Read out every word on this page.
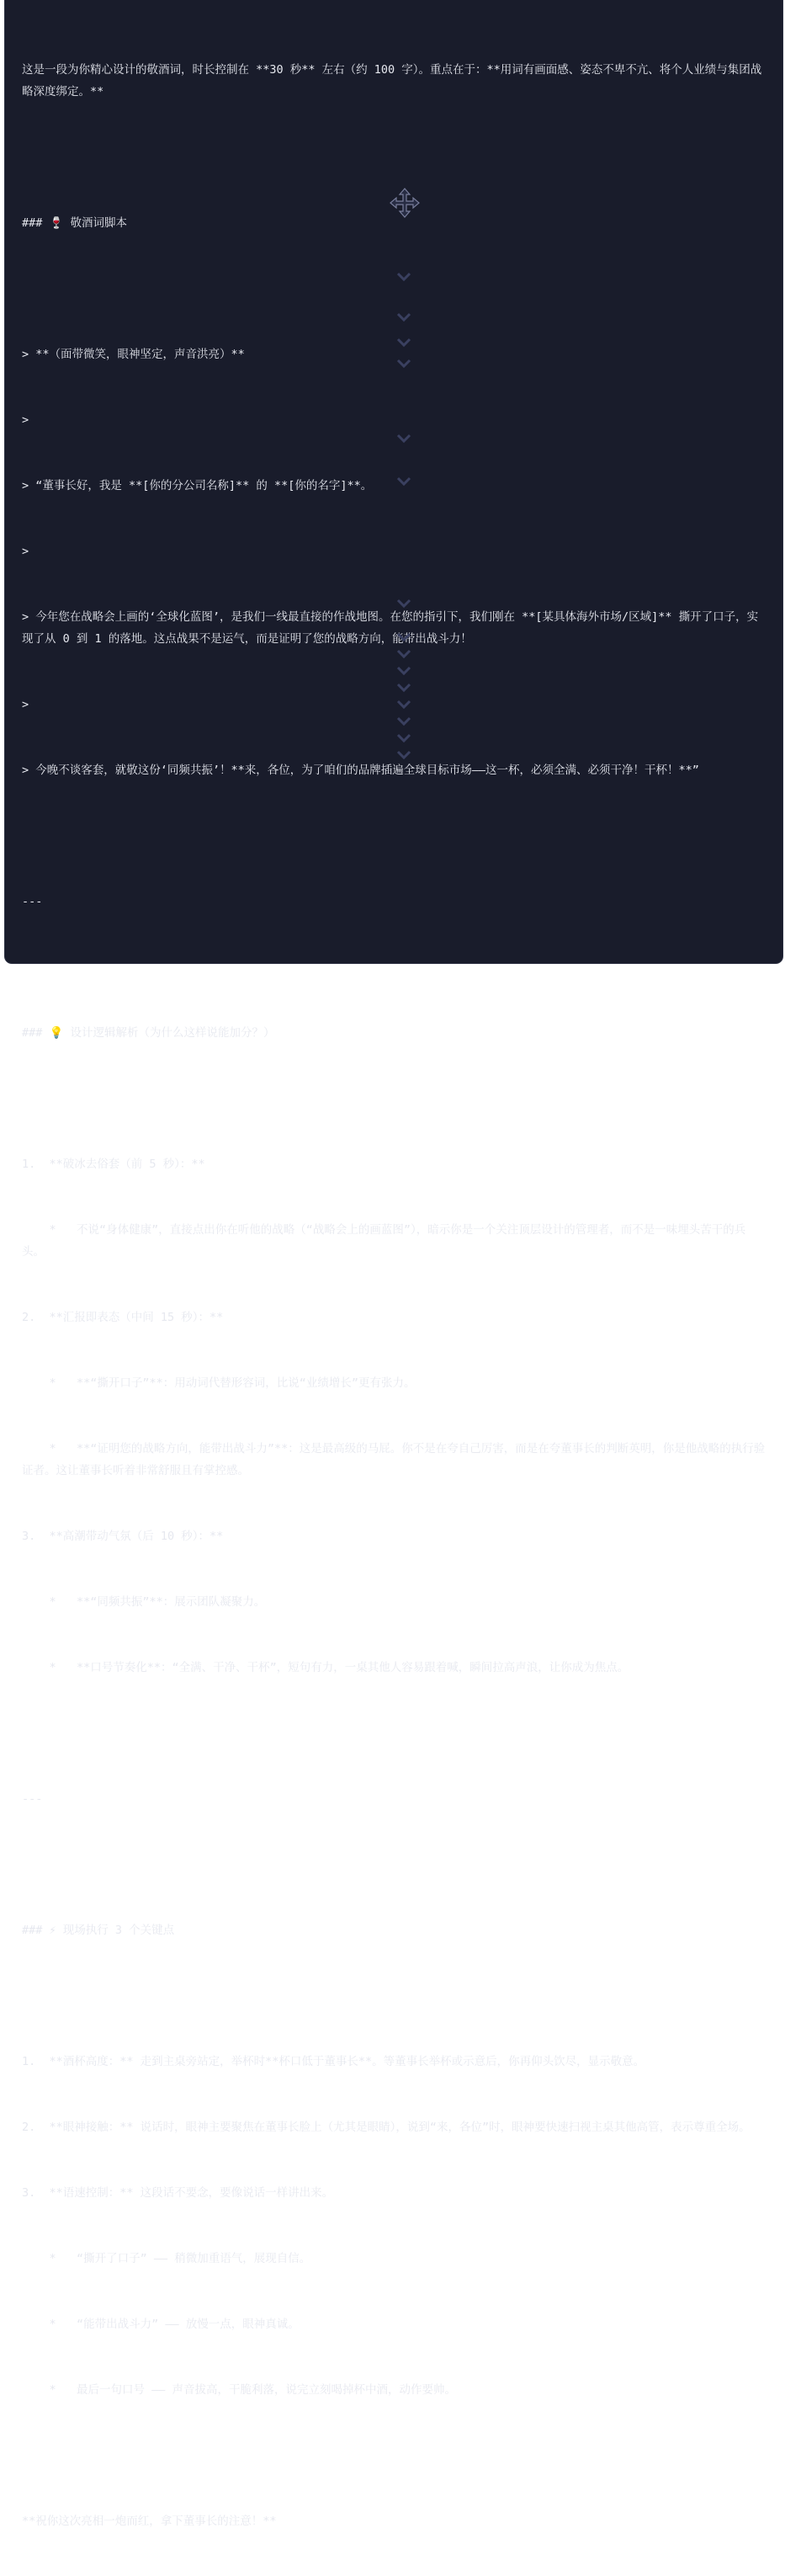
这是一段为你精心设计的敬酒词，时长控制在 **30 秒** 左右（约 100 字）。重点在于：**用词有画面感、姿态不卑不亢、将个人业绩与集团战略深度绑定。**

### 🍷 敬酒词脚本

> **（面带微笑，眼神坚定，声音洪亮）**

>

> “董事长好，我是 **[你的分公司名称]** 的 **[你的名字]**。

>

> 今年您在战略会上画的‘全球化蓝图’，是我们一线最直接的作战地图。在您的指引下，我们刚在 **[某具体海外市场/区域]** 撕开了口子，实现了从 0 到 1 的落地。这点战果不是运气，而是证明了您的战略方向，能带出战斗力！

>

> 今晚不谈客套，就敬这份‘同频共振’！**来，各位，为了咱们的品牌插遍全球目标市场——这一杯，必须全满、必须干净！干杯！**”

---

### 💡 设计逻辑解析（为什么这样说能加分？）

1.  **破冰去俗套（前 5 秒）：**

*   不说“身体健康”，直接点出你在听他的战略（“战略会上的画蓝图”），暗示你是一个关注顶层设计的管理者，而不是一味埋头苦干的兵头。

2.  **汇报即表态（中间 15 秒）：**

*   **“撕开口子”**：用动词代替形容词，比说“业绩增长”更有张力。

*   **“证明您的战略方向，能带出战斗力”**：这是最高级的马屁。你不是在夸自己厉害，而是在夸董事长的判断英明，你是他战略的执行验证者。这让董事长听着非常舒服且有掌控感。

3.  **高潮带动气氛（后 10 秒）：**

*   **“同频共振”**：展示团队凝聚力。

*   **口号节奏化**：“全满、干净、干杯”，短句有力，一桌其他人容易跟着喊，瞬间拉高声浪，让你成为焦点。

---

### ⚡ 现场执行 3 个关键点

1.  **酒杯高度：** 走到主桌旁站定，举杯时**杯口低于董事长**。等董事长举杯或示意后，你再仰头饮尽，显示敬意。

2.  **眼神接触：** 说话时，眼神主要聚焦在董事长脸上（尤其是眼睛），说到“来，各位”时，眼神要快速扫视主桌其他高管，表示尊重全场。

3.  **语速控制：** 这段话不要念，要像说话一样讲出来。

*   “撕开了口子” —— 稍微加重语气，展现自信。

*   “能带出战斗力” —— 放慢一点，眼神真诚。

*   最后一句口号 —— 声音拔高，干脆利落，说完立刻喝掉杯中酒，动作要帅。

**祝你这次亮相一炮而红，拿下董事长的注意！**
